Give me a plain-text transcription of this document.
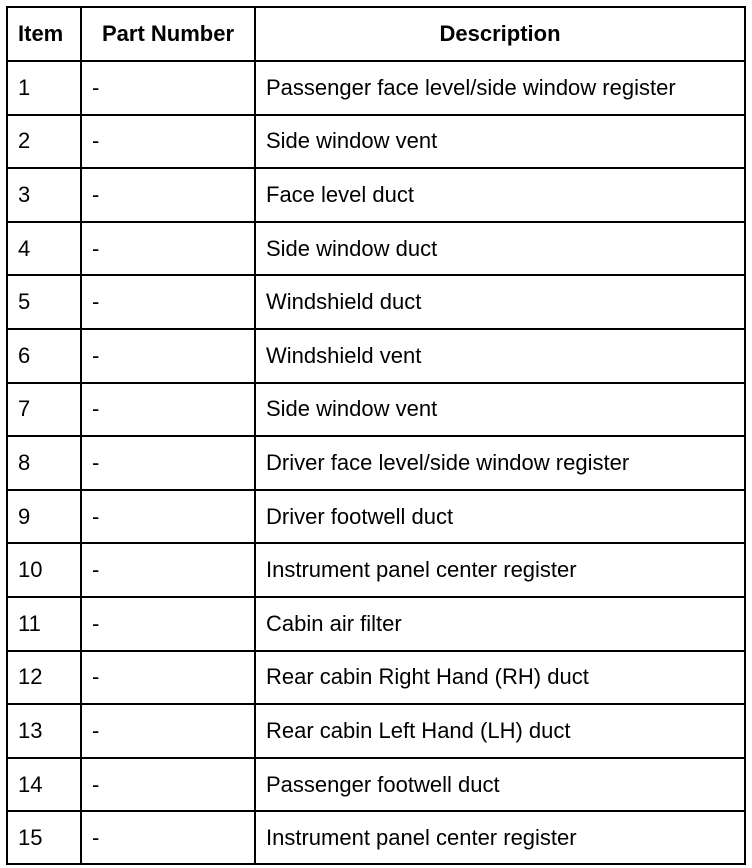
Item	Part Number	Description
1	-	Passenger face level/side window register
2	-	Side window vent
3	-	Face level duct
4	-	Side window duct
5	-	Windshield duct
6	-	Windshield vent
7	-	Side window vent
8	-	Driver face level/side window register
9	-	Driver footwell duct
10	-	Instrument panel center register
11	-	Cabin air filter
12	-	Rear cabin Right Hand (RH) duct
13	-	Rear cabin Left Hand (LH) duct
14	-	Passenger footwell duct
15	-	Instrument panel center register
